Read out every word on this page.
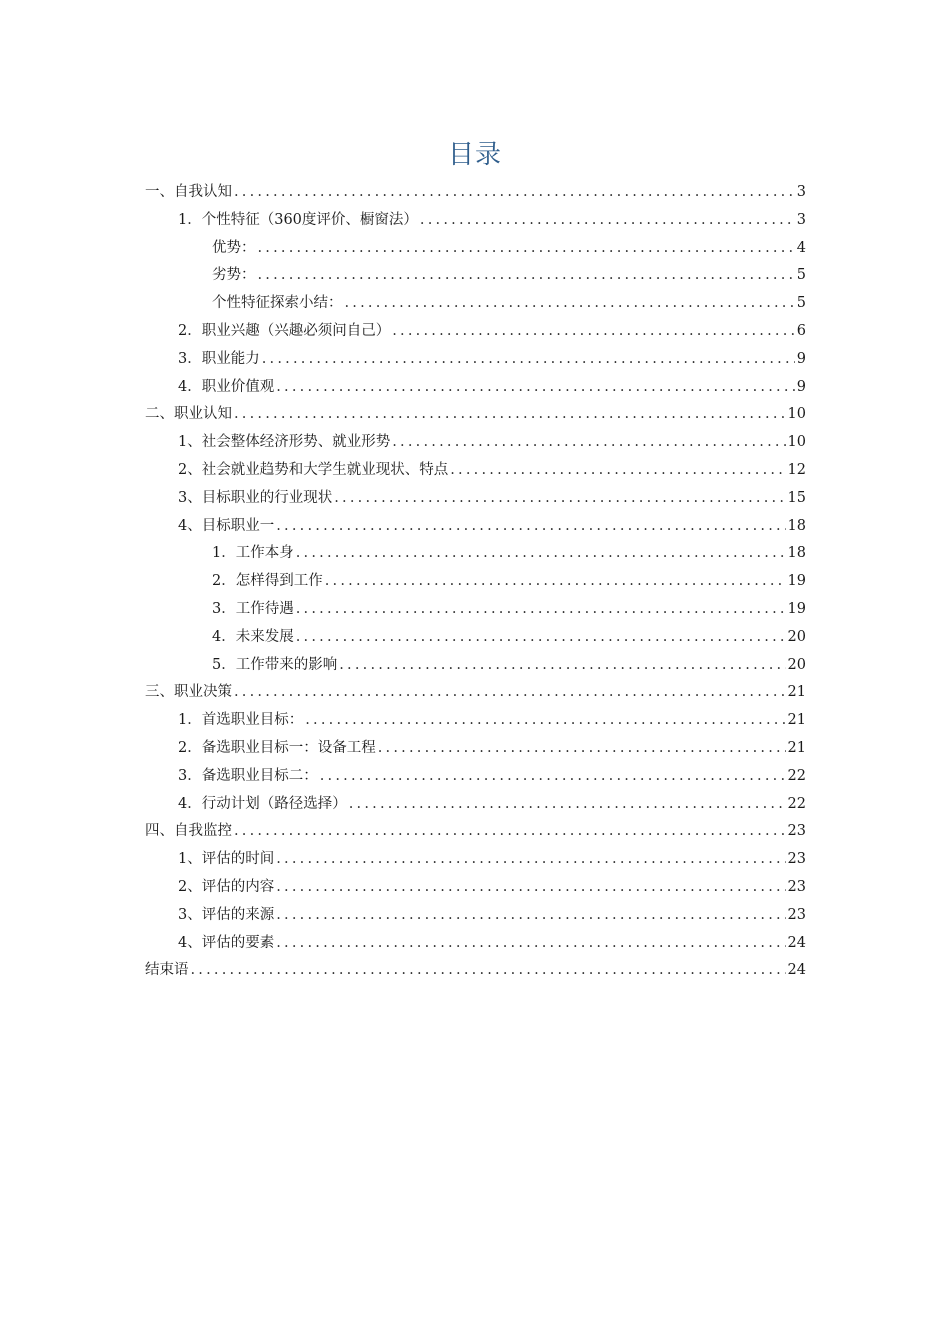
目录
一、自我认知 .....	3
1．个性特征（360度评价、橱窗法） .....	3
优势： .....	4
劣势： .....	5
个性特征探索小结： .....	5
2．职业兴趣（兴趣必须问自己） .....	6
3．职业能力 .....	9
4．职业价值观 .....	9
二、职业认知 .....	10
1、社会整体经济形势、就业形势 .....	10
2、社会就业趋势和大学生就业现状、特点 .....	12
3、目标职业的行业现状 .....	15
4、目标职业一 .....	18
1．工作本身 .....	18
2．怎样得到工作 .....	19
3．工作待遇 .....	19
4．未来发展 .....	20
5．工作带来的影响 .....	20
三、职业决策 .....	21
1．首选职业目标： .....	21
2．备选职业目标一：设备工程 .....	21
3．备选职业目标二： .....	22
4．行动计划（路径选择） .....	22
四、自我监控 .....	23
1、评估的时间 .....	23
2、评估的内容 .....	23
3、评估的来源 .....	23
4、评估的要素 .....	24
结束语 .....	24
